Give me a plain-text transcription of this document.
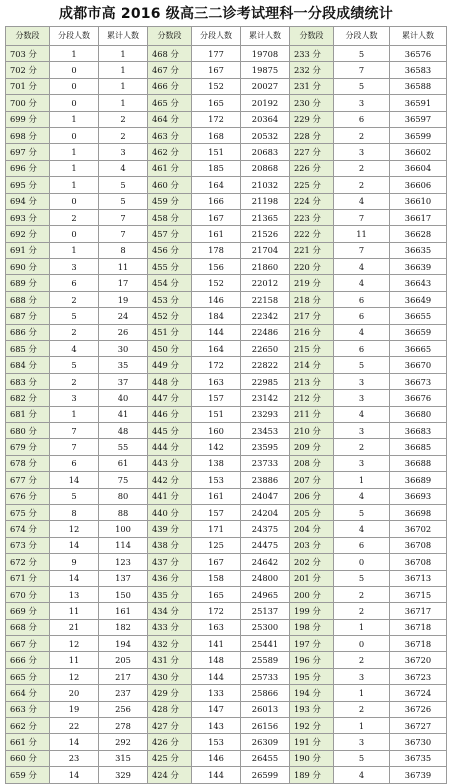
成都市高 2016 级高三二诊考试理科一分段成绩统计
分数段	分段人数	累计人数	分数段	分段人数	累计人数	分数段	分段人数	累计人数
703 分	1	1	468 分	177	19708	233 分	5	36576
702 分	0	1	467 分	167	19875	232 分	7	36583
701 分	0	1	466 分	152	20027	231 分	5	36588
700 分	0	1	465 分	165	20192	230 分	3	36591
699 分	1	2	464 分	172	20364	229 分	6	36597
698 分	0	2	463 分	168	20532	228 分	2	36599
697 分	1	3	462 分	151	20683	227 分	3	36602
696 分	1	4	461 分	185	20868	226 分	2	36604
695 分	1	5	460 分	164	21032	225 分	2	36606
694 分	0	5	459 分	166	21198	224 分	4	36610
693 分	2	7	458 分	167	21365	223 分	7	36617
692 分	0	7	457 分	161	21526	222 分	11	36628
691 分	1	8	456 分	178	21704	221 分	7	36635
690 分	3	11	455 分	156	21860	220 分	4	36639
689 分	6	17	454 分	152	22012	219 分	4	36643
688 分	2	19	453 分	146	22158	218 分	6	36649
687 分	5	24	452 分	184	22342	217 分	6	36655
686 分	2	26	451 分	144	22486	216 分	4	36659
685 分	4	30	450 分	164	22650	215 分	6	36665
684 分	5	35	449 分	172	22822	214 分	5	36670
683 分	2	37	448 分	163	22985	213 分	3	36673
682 分	3	40	447 分	157	23142	212 分	3	36676
681 分	1	41	446 分	151	23293	211 分	4	36680
680 分	7	48	445 分	160	23453	210 分	3	36683
679 分	7	55	444 分	142	23595	209 分	2	36685
678 分	6	61	443 分	138	23733	208 分	3	36688
677 分	14	75	442 分	153	23886	207 分	1	36689
676 分	5	80	441 分	161	24047	206 分	4	36693
675 分	8	88	440 分	157	24204	205 分	5	36698
674 分	12	100	439 分	171	24375	204 分	4	36702
673 分	14	114	438 分	125	24475	203 分	6	36708
672 分	9	123	437 分	167	24642	202 分	0	36708
671 分	14	137	436 分	158	24800	201 分	5	36713
670 分	13	150	435 分	165	24965	200 分	2	36715
669 分	11	161	434 分	172	25137	199 分	2	36717
668 分	21	182	433 分	163	25300	198 分	1	36718
667 分	12	194	432 分	141	25441	197 分	0	36718
666 分	11	205	431 分	148	25589	196 分	2	36720
665 分	12	217	430 分	144	25733	195 分	3	36723
664 分	20	237	429 分	133	25866	194 分	1	36724
663 分	19	256	428 分	147	26013	193 分	2	36726
662 分	22	278	427 分	143	26156	192 分	1	36727
661 分	14	292	426 分	153	26309	191 分	3	36730
660 分	23	315	425 分	146	26455	190 分	5	36735
659 分	14	329	424 分	144	26599	189 分	4	36739
